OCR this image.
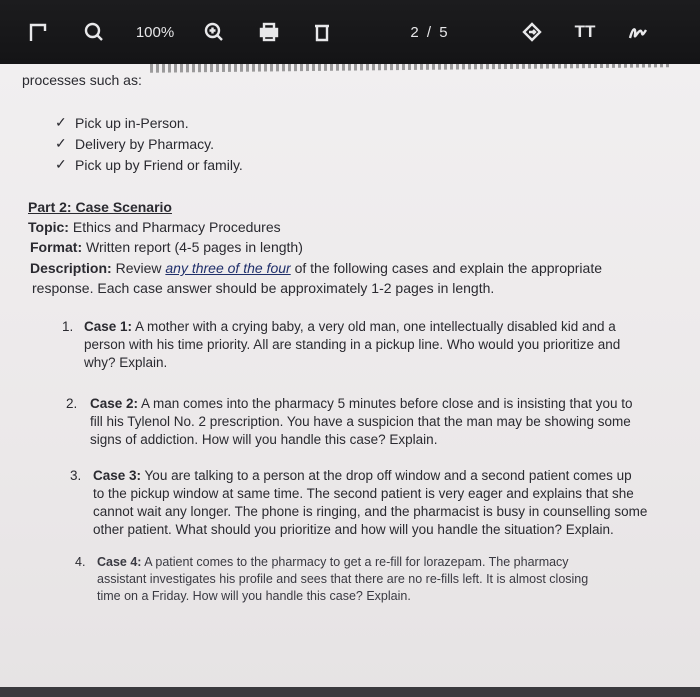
100%	2 / 5	TT
processes such as:
✓ Pick up in-Person.
✓ Delivery by Pharmacy.
✓ Pick up by Friend or family.
Part 2: Case Scenario
Topic: Ethics and Pharmacy Procedures
Format: Written report (4-5 pages in length)
Description: Review any three of the four of the following cases and explain the appropriate
response. Each case answer should be approximately 1-2 pages in length.
1. Case 1: A mother with a crying baby, a very old man, one intellectually disabled kid and a
person with his time priority. All are standing in a pickup line. Who would you prioritize and
why? Explain.
2. Case 2: A man comes into the pharmacy 5 minutes before close and is insisting that you to
fill his Tylenol No. 2 prescription. You have a suspicion that the man may be showing some
signs of addiction. How will you handle this case? Explain.
3. Case 3: You are talking to a person at the drop off window and a second patient comes up
to the pickup window at same time. The second patient is very eager and explains that she
cannot wait any longer. The phone is ringing, and the pharmacist is busy in counselling some
other patient. What should you prioritize and how will you handle the situation? Explain.
4. Case 4: A patient comes to the pharmacy to get a re-fill for lorazepam. The pharmacy
assistant investigates his profile and sees that there are no re-fills left. It is almost closing
time on a Friday. How will you handle this case? Explain.
